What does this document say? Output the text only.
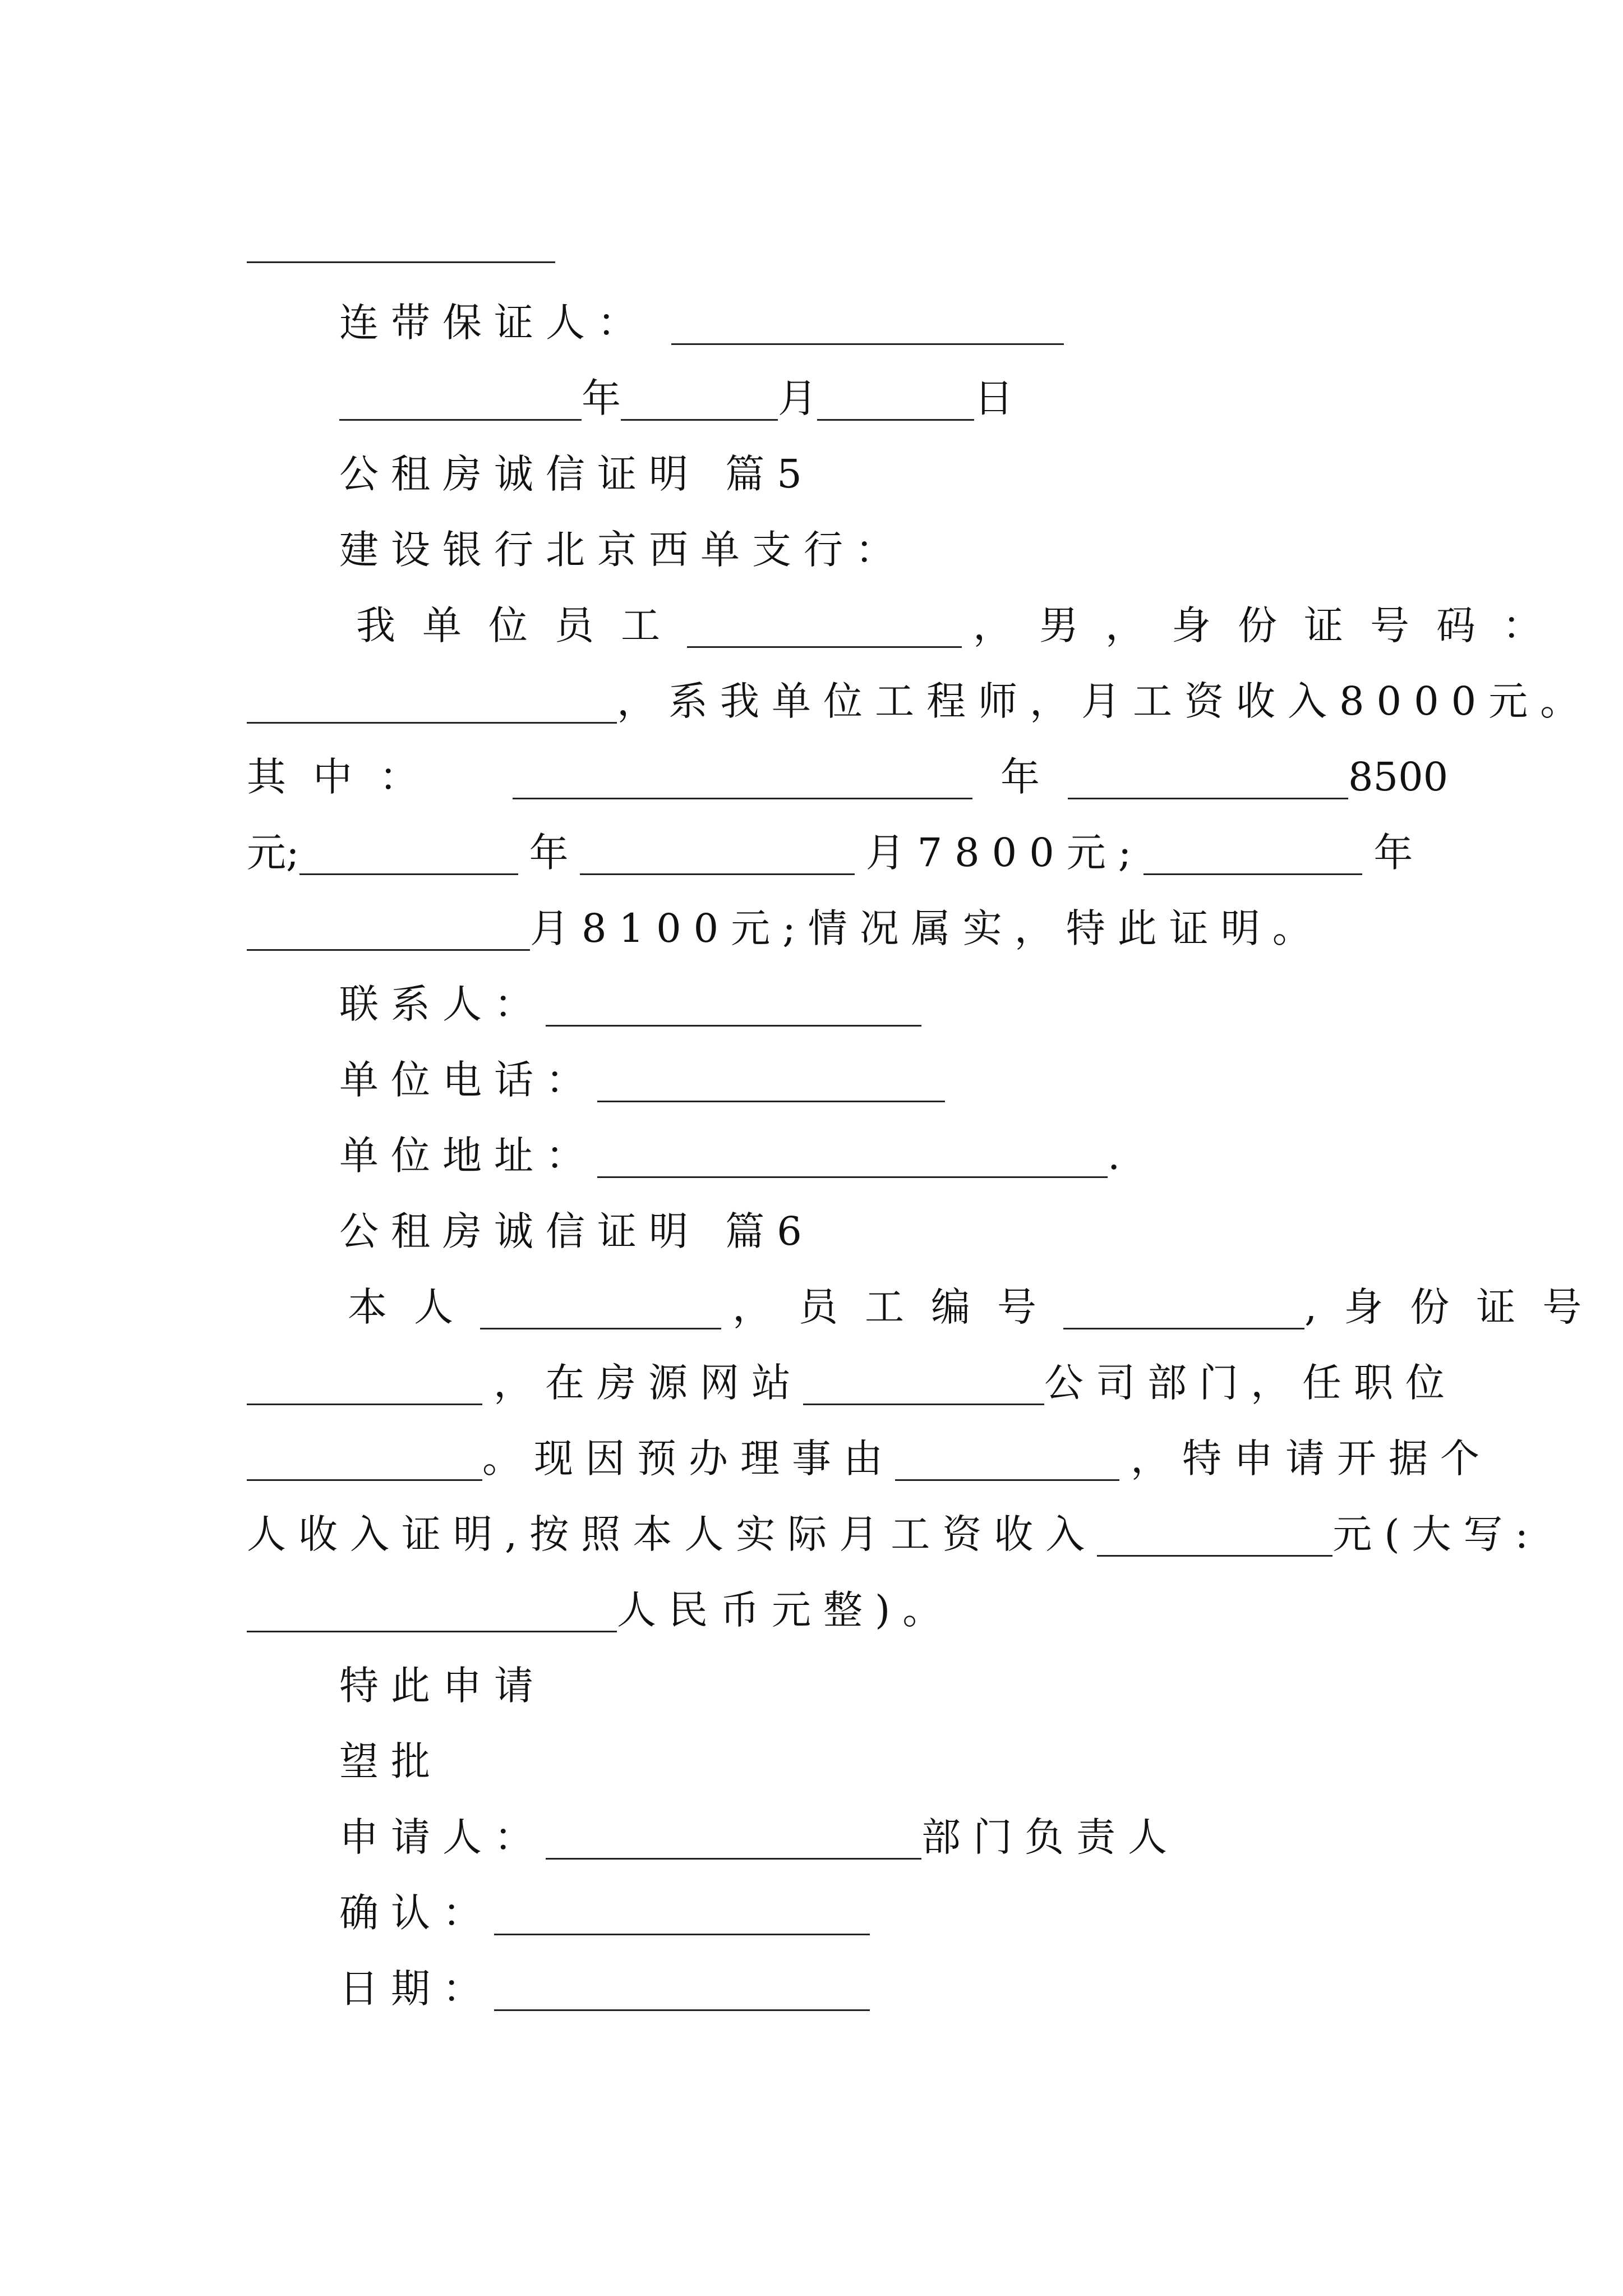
连带保证人：
年	月	日
公租房诚信证明 篇5
建设银行北京西单支行：
我单位员工	，男，身份证号码：
，系我单位工程师，月工资收入8000元。
其中：	年	8500
元;	年	月7800元;	年
月8100元;情况属实，特此证明。
联系人：
单位电话：
单位地址：	.
公租房诚信证明 篇6
本人	，员工编号	,身份证号
，在房源网站	公司部门，任职位
。现因预办理事由	，特申请开据个
人收入证明,按照本人实际月工资收入	元(大写:
人民币元整)。
特此申请
望批
申请人：	部门负责人
确认：
日期：
